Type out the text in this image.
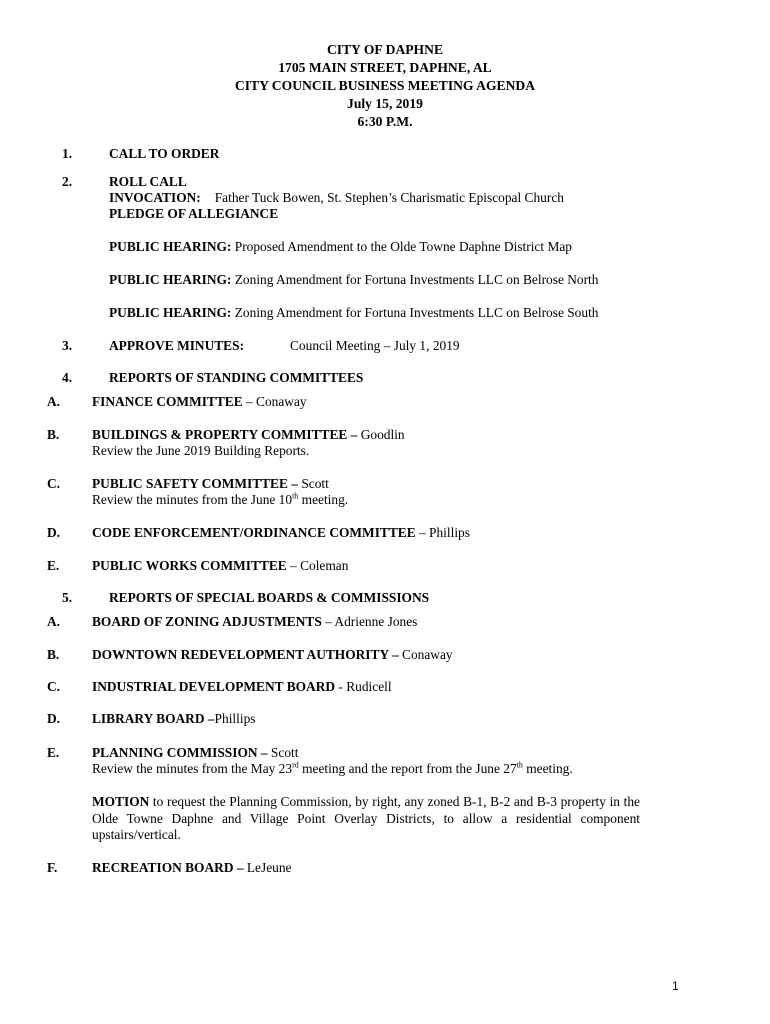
CITY OF DAPHNE
1705 MAIN STREET, DAPHNE, AL
CITY COUNCIL BUSINESS MEETING AGENDA
July 15, 2019
6:30 P.M.
1.	CALL TO ORDER
2.	ROLL CALL
INVOCATION: Father Tuck Bowen, St. Stephen’s Charismatic Episcopal Church
PLEDGE OF ALLEGIANCE
PUBLIC HEARING: Proposed Amendment to the Olde Towne Daphne District Map
PUBLIC HEARING: Zoning Amendment for Fortuna Investments LLC on Belrose North
PUBLIC HEARING: Zoning Amendment for Fortuna Investments LLC on Belrose South
3.	APPROVE MINUTES:	Council Meeting – July 1, 2019
4.	REPORTS OF STANDING COMMITTEES
A. FINANCE COMMITTEE – Conaway
B. BUILDINGS & PROPERTY COMMITTEE – Goodlin
Review the June 2019 Building Reports.
C. PUBLIC SAFETY COMMITTEE – Scott
Review the minutes from the June 10th meeting.
D. CODE ENFORCEMENT/ORDINANCE COMMITTEE – Phillips
E. PUBLIC WORKS COMMITTEE – Coleman
5.	REPORTS OF SPECIAL BOARDS & COMMISSIONS
A. BOARD OF ZONING ADJUSTMENTS – Adrienne Jones
B. DOWNTOWN REDEVELOPMENT AUTHORITY – Conaway
C. INDUSTRIAL DEVELOPMENT BOARD - Rudicell
D. LIBRARY BOARD –Phillips
E. PLANNING COMMISSION – Scott
Review the minutes from the May 23rd meeting and the report from the June 27th meeting.
MOTION to request the Planning Commission, by right, any zoned B-1, B-2 and B-3 property in the Olde Towne Daphne and Village Point Overlay Districts, to allow a residential component upstairs/vertical.
F.	RECREATION BOARD – LeJeune
1
